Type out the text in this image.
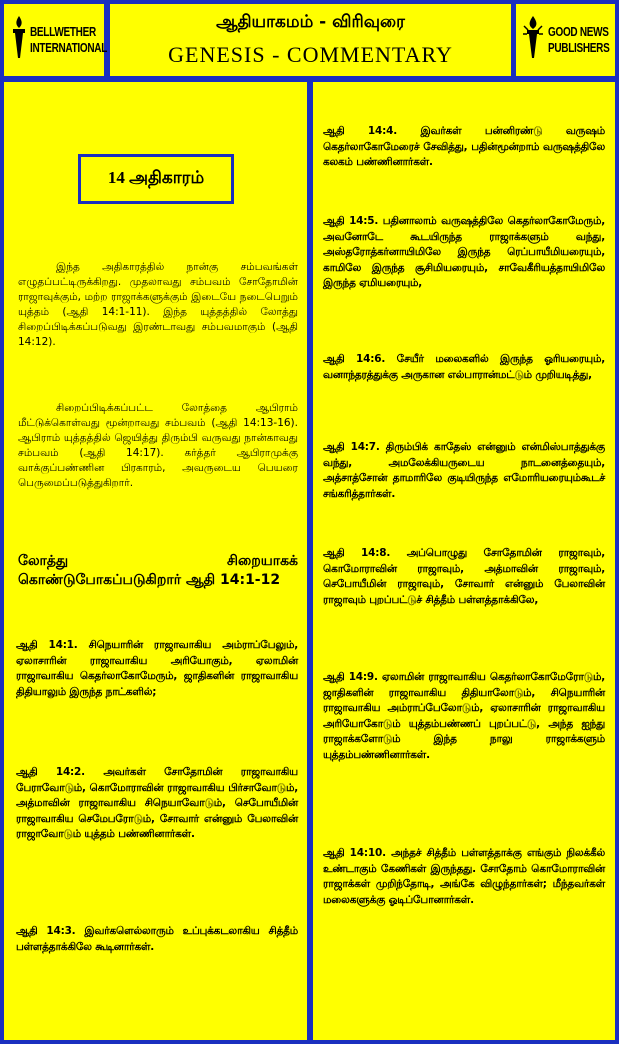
BELLWETHER
INTERNATIONAL
ஆதியாகமம் - விரிவுரை
GENESIS - COMMENTARY
GOOD NEWS
PUBLISHERS
14 அதிகாரம்

இந்த அதிகாரத்தில் நான்கு சம்பவங்கள் எழுதப்பட்டிருக்கிறது. முதலாவது சம்பவம் சோதோமின் ராஜாவுக்கும், மற்ற ராஜாக்களுக்கும் இடையே நடைபெறும் யுத்தம் (ஆதி 14:1-11). இந்த யுத்தத்தில் லோத்து சிறைப்பிடிக்கப்படுவது இரண்டாவது சம்பவமாகும் (ஆதி 14:12).

சிறைப்பிடிக்கப்பட்ட லோத்தை ஆபிராம் மீட்டுக்கொள்வது மூன்றாவது சம்பவம் (ஆதி 14:13-16). ஆபிராம் யுத்தத்தில் ஜெயித்து திரும்பி வருவது நான்காவது சம்பவம் (ஆதி 14:17). கர்த்தர் ஆபிராமுக்கு வாக்குப்பண்ணின பிரகாரம், அவருடைய பெயரை பெருமைப்படுத்துகிறார்.

லோத்து சிறையாகக் கொண்டுபோகப்படுகிறார் ஆதி 14:1-12

ஆதி 14:1. சிநெயாரின் ராஜாவாகிய அம்ராப்பேலும், ஏலாசாரின் ராஜாவாகிய அரியோகும், ஏலாமின் ராஜாவாகிய கெதர்லாகோமேரும், ஜாதிகளின் ராஜாவாகிய திதியாலும் இருந்த நாட்களில்;

ஆதி 14:2. அவர்கள் சோதோமின் ராஜாவாகிய பேராவோடும், கொமோராவின் ராஜாவாகிய பிர்சாவோடும், அத்மாவின் ராஜாவாகிய சிநெயாவோடும், செபோயீமின் ராஜாவாகிய செமேபரோடும், சோவார் என்னும் பேலாவின் ராஜாவோடும் யுத்தம் பண்ணினார்கள்.

ஆதி 14:3. இவர்களெல்லாரும் உப்புக்கடலாகிய சித்தீம் பள்ளத்தாக்கிலே கூடினார்கள்.

ஆதி 14:4. இவர்கள் பன்னிரண்டு வருஷம் கெதர்லாகோமேரைச் சேவித்து, பதின்மூன்றாம் வருஷத்திலே கலகம் பண்ணினார்கள்.

ஆதி 14:5. பதினாலாம் வருஷத்திலே கெதர்லாகோமேரும், அவனோடே கூடயிருந்த ராஜாக்களும் வந்து, அஸ்தரோத்கர்னாயிமிலே இருந்த ரெப்பாயீமியரையும், காமிலே இருந்த சூசிமியரையும், சாவேகீரியத்தாயிமிலே இருந்த ஏமியரையும்,

ஆதி 14:6. சேயீர் மலைகளில் இருந்த ஓரியரையும், வனாந்தரத்துக்கு அருகான எல்பாரான்மட்டும் முறியடித்து,

ஆதி 14:7. திரும்பிக் காதேஸ் என்னும் என்மிஸ்பாத்துக்கு வந்து, அமலேக்கியருடைய நாடனைத்தையும், அத்சாத்சோன் தாமாரிலே குடியிருந்த எமோரியரையும்கூடச் சங்கரித்தார்கள்.

ஆதி 14:8. அப்பொழுது சோதோமின் ராஜாவும், கொமோராவின் ராஜாவும், அத்மாவின் ராஜாவும், செபோயீமின் ராஜாவும், சோவார் என்னும் பேலாவின் ராஜாவும் புறப்பட்டுச் சித்தீம் பள்ளத்தாக்கிலே,

ஆதி 14:9. ஏலாமின் ராஜாவாகிய கெதர்லாகோமேரோடும், ஜாதிகளின் ராஜாவாகிய திதியாலோடும், சிநெயாரின் ராஜாவாகிய அம்ராப்பேலோடும், ஏலாசாரின் ராஜாவாகிய அரியோகோடும் யுத்தம்பண்ணப் புறப்பட்டு, அந்த ஐந்து ராஜாக்களோடும் இந்த நாலு ராஜாக்களும் யுத்தம்பண்ணினார்கள்.

ஆதி 14:10. அந்தச் சித்தீம் பள்ளத்தாக்கு எங்கும் நிலக்கீல் உண்டாகும் கேணிகள் இருந்தது. சோதோம் கொமோராவின் ராஜாக்கள் முறிந்தோடி, அங்கே விழுந்தார்கள்; மீந்தவர்கள் மலைகளுக்கு ஓடிப்போனார்கள்.
